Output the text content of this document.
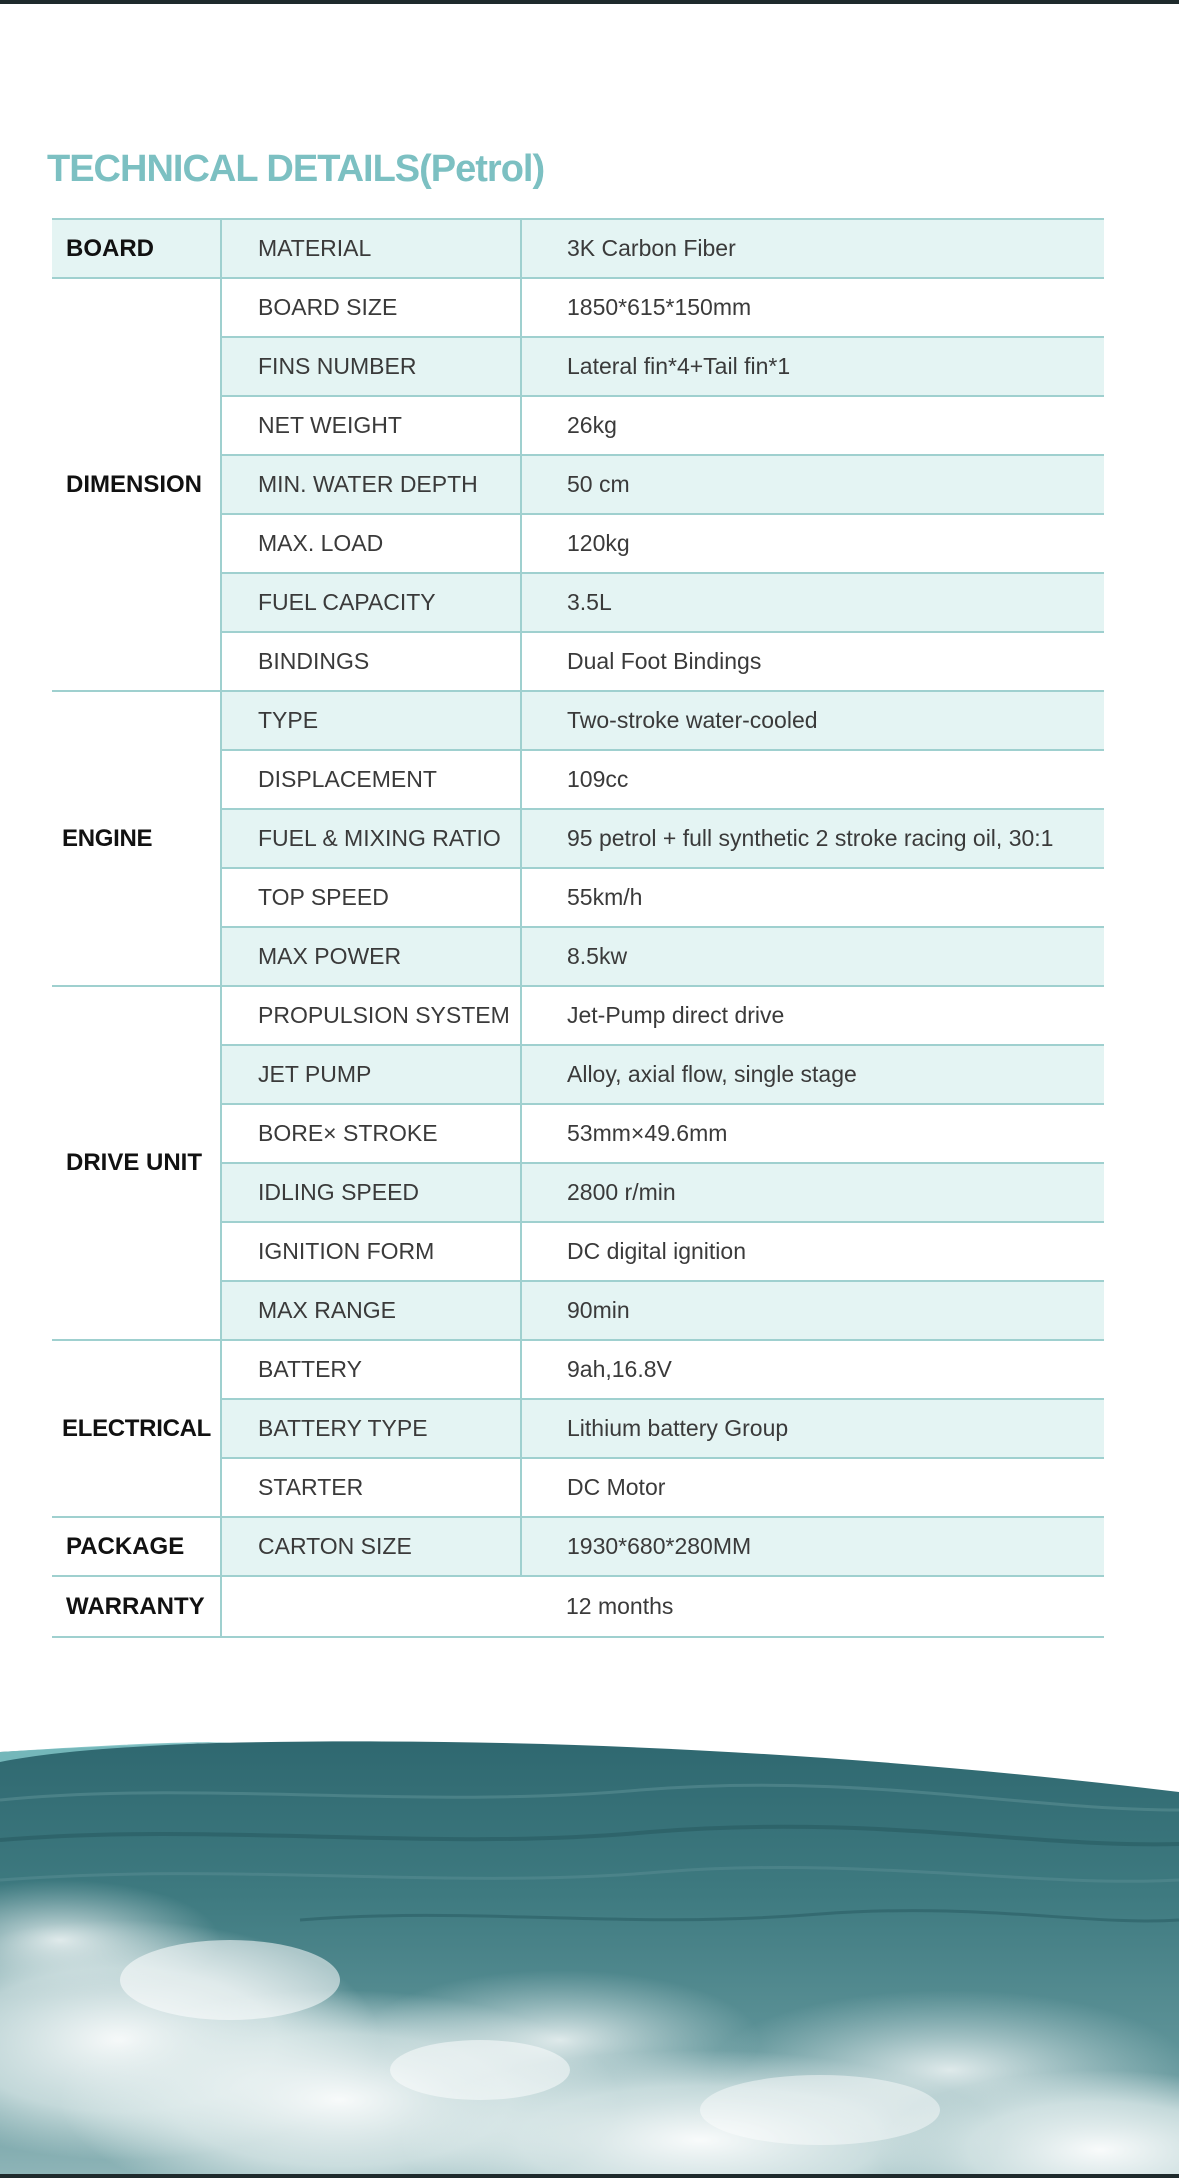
TECHNICAL DETAILS(Petrol)
BOARD	MATERIAL	3K Carbon Fiber
DIMENSION	BOARD SIZE	1850*615*150mm
	FINS NUMBER	Lateral fin*4+Tail fin*1
	NET WEIGHT	26kg
	MIN. WATER DEPTH	50 cm
	MAX. LOAD	120kg
	FUEL CAPACITY	3.5L
	BINDINGS	Dual Foot Bindings
ENGINE	TYPE	Two-stroke water-cooled
	DISPLACEMENT	109cc
	FUEL & MIXING RATIO	95 petrol + full synthetic 2 stroke racing oil, 30:1
	TOP SPEED	55km/h
	MAX POWER	8.5kw
DRIVE UNIT	PROPULSION SYSTEM	Jet-Pump direct drive
	JET PUMP	Alloy, axial flow, single stage
	BORE× STROKE	53mm×49.6mm
	IDLING SPEED	2800 r/min
	IGNITION FORM	DC digital ignition
	MAX RANGE	90min
ELECTRICAL	BATTERY	9ah,16.8V
	BATTERY TYPE	Lithium battery Group
	STARTER	DC Motor
PACKAGE	CARTON SIZE	1930*680*280MM
WARRANTY		12 months
